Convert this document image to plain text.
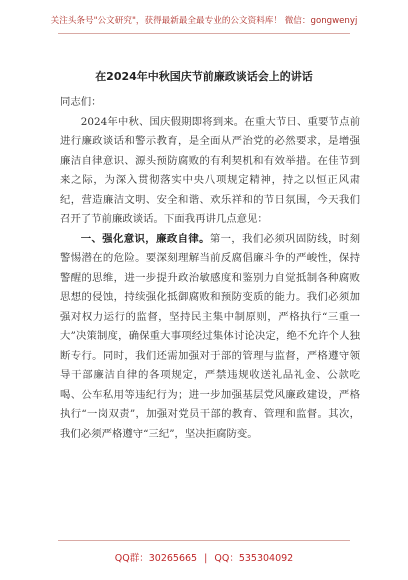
关注头条号"公文研究"，获得最新最全最专业的公文资料库！ 微信：gongwenyj
在2024年中秋国庆节前廉政谈话会上的讲话

同志们：

2024年中秋、国庆假期即将到来。在重大节日、重要节点前进行廉政谈话和警示教育，是全面从严治党的必然要求，是增强廉洁自律意识、源头预防腐败的有利契机和有效举措。在佳节到来之际，为深入贯彻落实中央八项规定精神，持之以恒正风肃纪，营造廉洁文明、安全和谐、欢乐祥和的节日氛围，今天我们召开了节前廉政谈话。下面我再讲几点意见：

一、强化意识，廉政自律。第一，我们必须巩固防线，时刻警惕潜在的危险。要深刻理解当前反腐倡廉斗争的严峻性，保持警醒的思维，进一步提升政治敏感度和鉴别力自觉抵制各种腐败思想的侵蚀，持续强化抵御腐败和预防变质的能力。我们必须加强对权力运行的监督，坚持民主集中制原则，严格执行“三重一大”决策制度，确保重大事项经过集体讨论决定，绝不允许个人独断专行。同时，我们还需加强对于部的管理与监督，严格遵守领导干部廉洁自律的各项规定，严禁违规收送礼品礼金、公款吃喝、公车私用等违纪行为；进一步加强基层党风廉政建设，严格执行“一岗双责”，加强对党员干部的教育、管理和监督。其次，我们必须严格遵守“三纪”，坚决拒腐防变。

QQ群：30265665 | QQ：535304092
